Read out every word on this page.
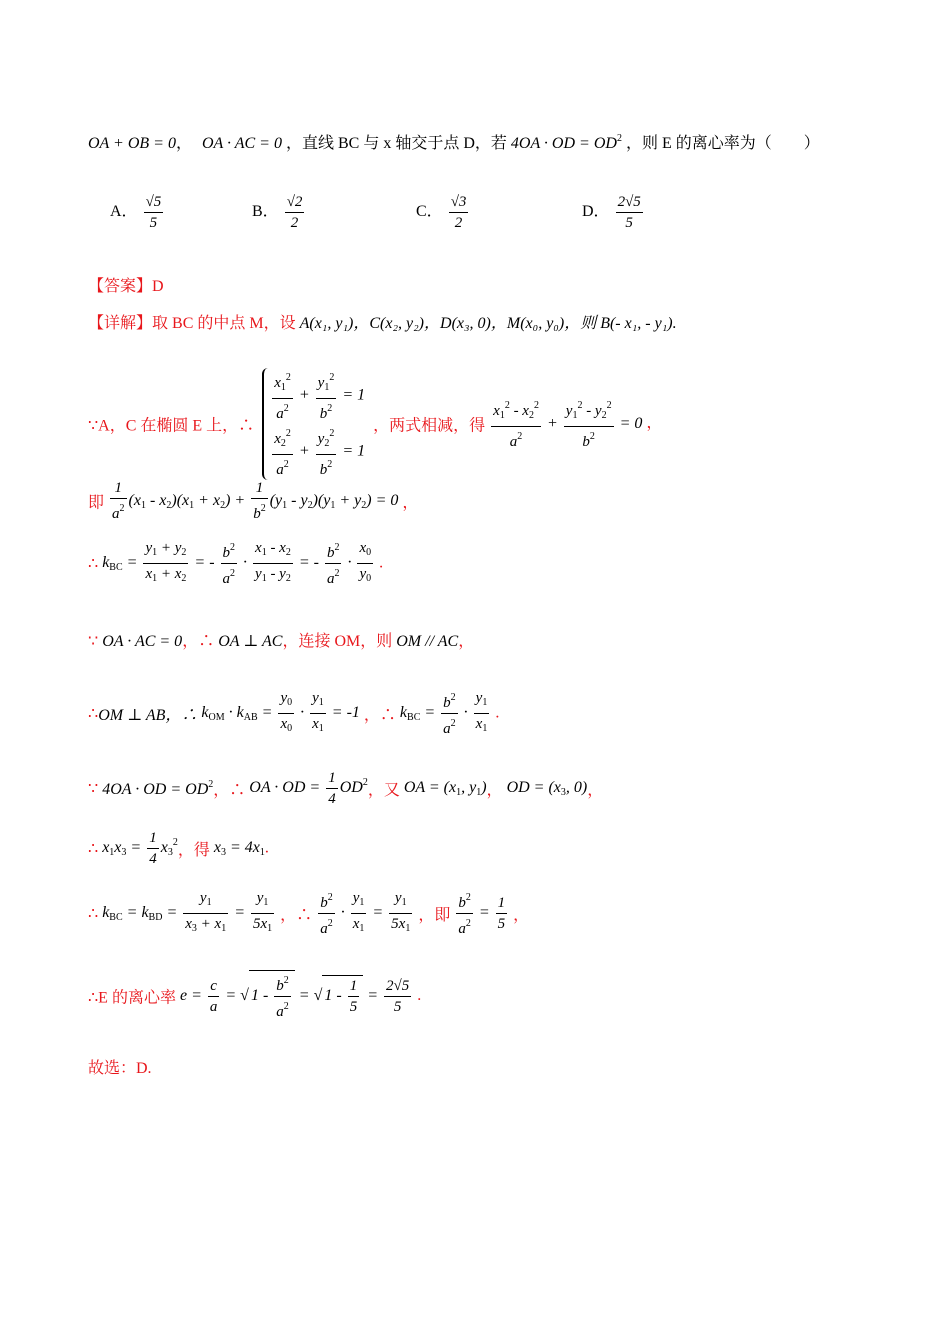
OA + OB = 0， OA · AC = 0 ，直线 BC 与 x 轴交于点 D，若 4OA · OD = $OD^2$ ，则 E 的离心率为（　　）
A． $\frac{√5}{5}$	B． $\frac{√2}{2}$	C． $\frac{√3}{2}$	D． $\frac{2√5}{5}$
【答案】D
【详解】取 BC 的中点 M，设 A(x₁, y₁)，C(x₂, y₂)，D(x₃, 0)，M(x₀, y₀)，则 B(- x₁, - y₁).
∵A，C 在椭圆 E 上，∴
$\frac{x_1^2}{a^2} + \frac{y_1^2}{b^2} = 1$
$\frac{x_2^2}{a^2} + \frac{y_2^2}{b^2} = 1$
，两式相减，得 $\frac{x_1^2 - x_2^2}{a^2} + \frac{y_1^2 - y_2^2}{b^2} = 0$ ，
即 $\frac{1}{a^2} (x_1 - x_2)(x_1 + x_2) + \frac{1}{b^2} (y_1 - y_2)(y_1 + y_2) = 0$ ，
∴ $k_{BC} = \frac{y_1 + y_2}{x_1 + x_2}$ = - $\frac{b^2}{a^2} \cdot \frac{x_1 - x_2}{y_1 - y_2}$ = - $\frac{b^2}{a^2} \cdot \frac{x_0}{y_0}$ .
∵ OA · AC = 0，∴ OA ⊥ AC，连接 OM，则 OM // AC，
∴OM ⊥ AB，∴ $k_{OM} \cdot k_{AB} = \frac{y_0}{x_0} \cdot \frac{y_1}{x_1} = -1$ ，∴ $k_{BC} = \frac{b^2}{a^2} \cdot \frac{y_1}{x_1}$ .
∵ 4OA · OD = $OD^2$，∴ OA · OD = $\frac{1}{4} OD^2$，又 OA = ($x_1$, $y_1$)， OD = ($x_3$, 0)，
∴ $x_1x_3 = \frac{1}{4} x_3^2$，得 $x_3 = 4x_1$.
∴ $k_{BC} = k_{BD} = \frac{y_1}{x_3 + x_1} = \frac{y_1}{5x_1}$ ，∴ $\frac{b^2}{a^2} \cdot \frac{y_1}{x_1} = \frac{y_1}{5x_1}$ ，即 $\frac{b^2}{a^2} = \frac{1}{5}$ ，
∴E 的离心率 $e = \frac{c}{a}$ = √ $1 - \frac{b^2}{a^2}$ = √ $1 - \frac{1}{5} = \frac{2√5}{5}$ .
故选：D.
